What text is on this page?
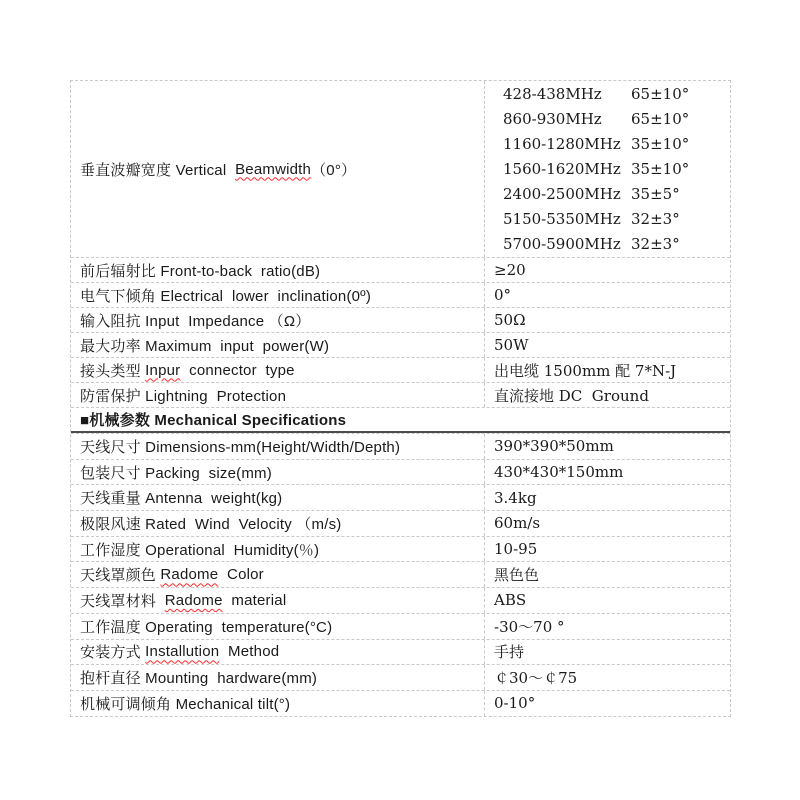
垂直波瓣宽度 Vertical Beamwidth （0°）
428-438MHz	65±10°
860-930MHz	65±10°
1160-1280MHz 35±10°
1560-1620MHz 35±10°
2400-2500MHz 35±5°
5150-5350MHz 32±3°
5700-5900MHz 32±3°
前后辐射比 Front-to-back  ratio(dB)	≥20
电气下倾角 Electrical  lower  inclination(0º)	0°
输入阻抗 Input  Impedance （Ω）	50Ω
最大功率 Maximum  input  power(W)	50W
接头类型 Inpur connector  type	出电缆 1500mm 配 7*N-J
防雷保护 Lightning  Protection	直流接地 DC  Ground
■机械参数 Mechanical Specifications
天线尺寸 Dimensions-mm(Height/Width/Depth)	390*390*50mm
包装尺寸 Packing  size(mm)	430*430*150mm
天线重量 Antenna  weight(kg)	3.4kg
极限风速 Rated  Wind  Velocity （m/s)	60m/s
工作湿度 Operational  Humidity(％)	10-95
天线罩颜色 Radome Color	黑色色
天线罩材料 Radome material	ABS
工作温度 Operating  temperature(°C)	-30～70 °
安装方式 Installution Method	手持
抱杆直径 Mounting  hardware(mm)	￠30～￠75
机械可调倾角 Mechanical tilt(°)	0-10°
